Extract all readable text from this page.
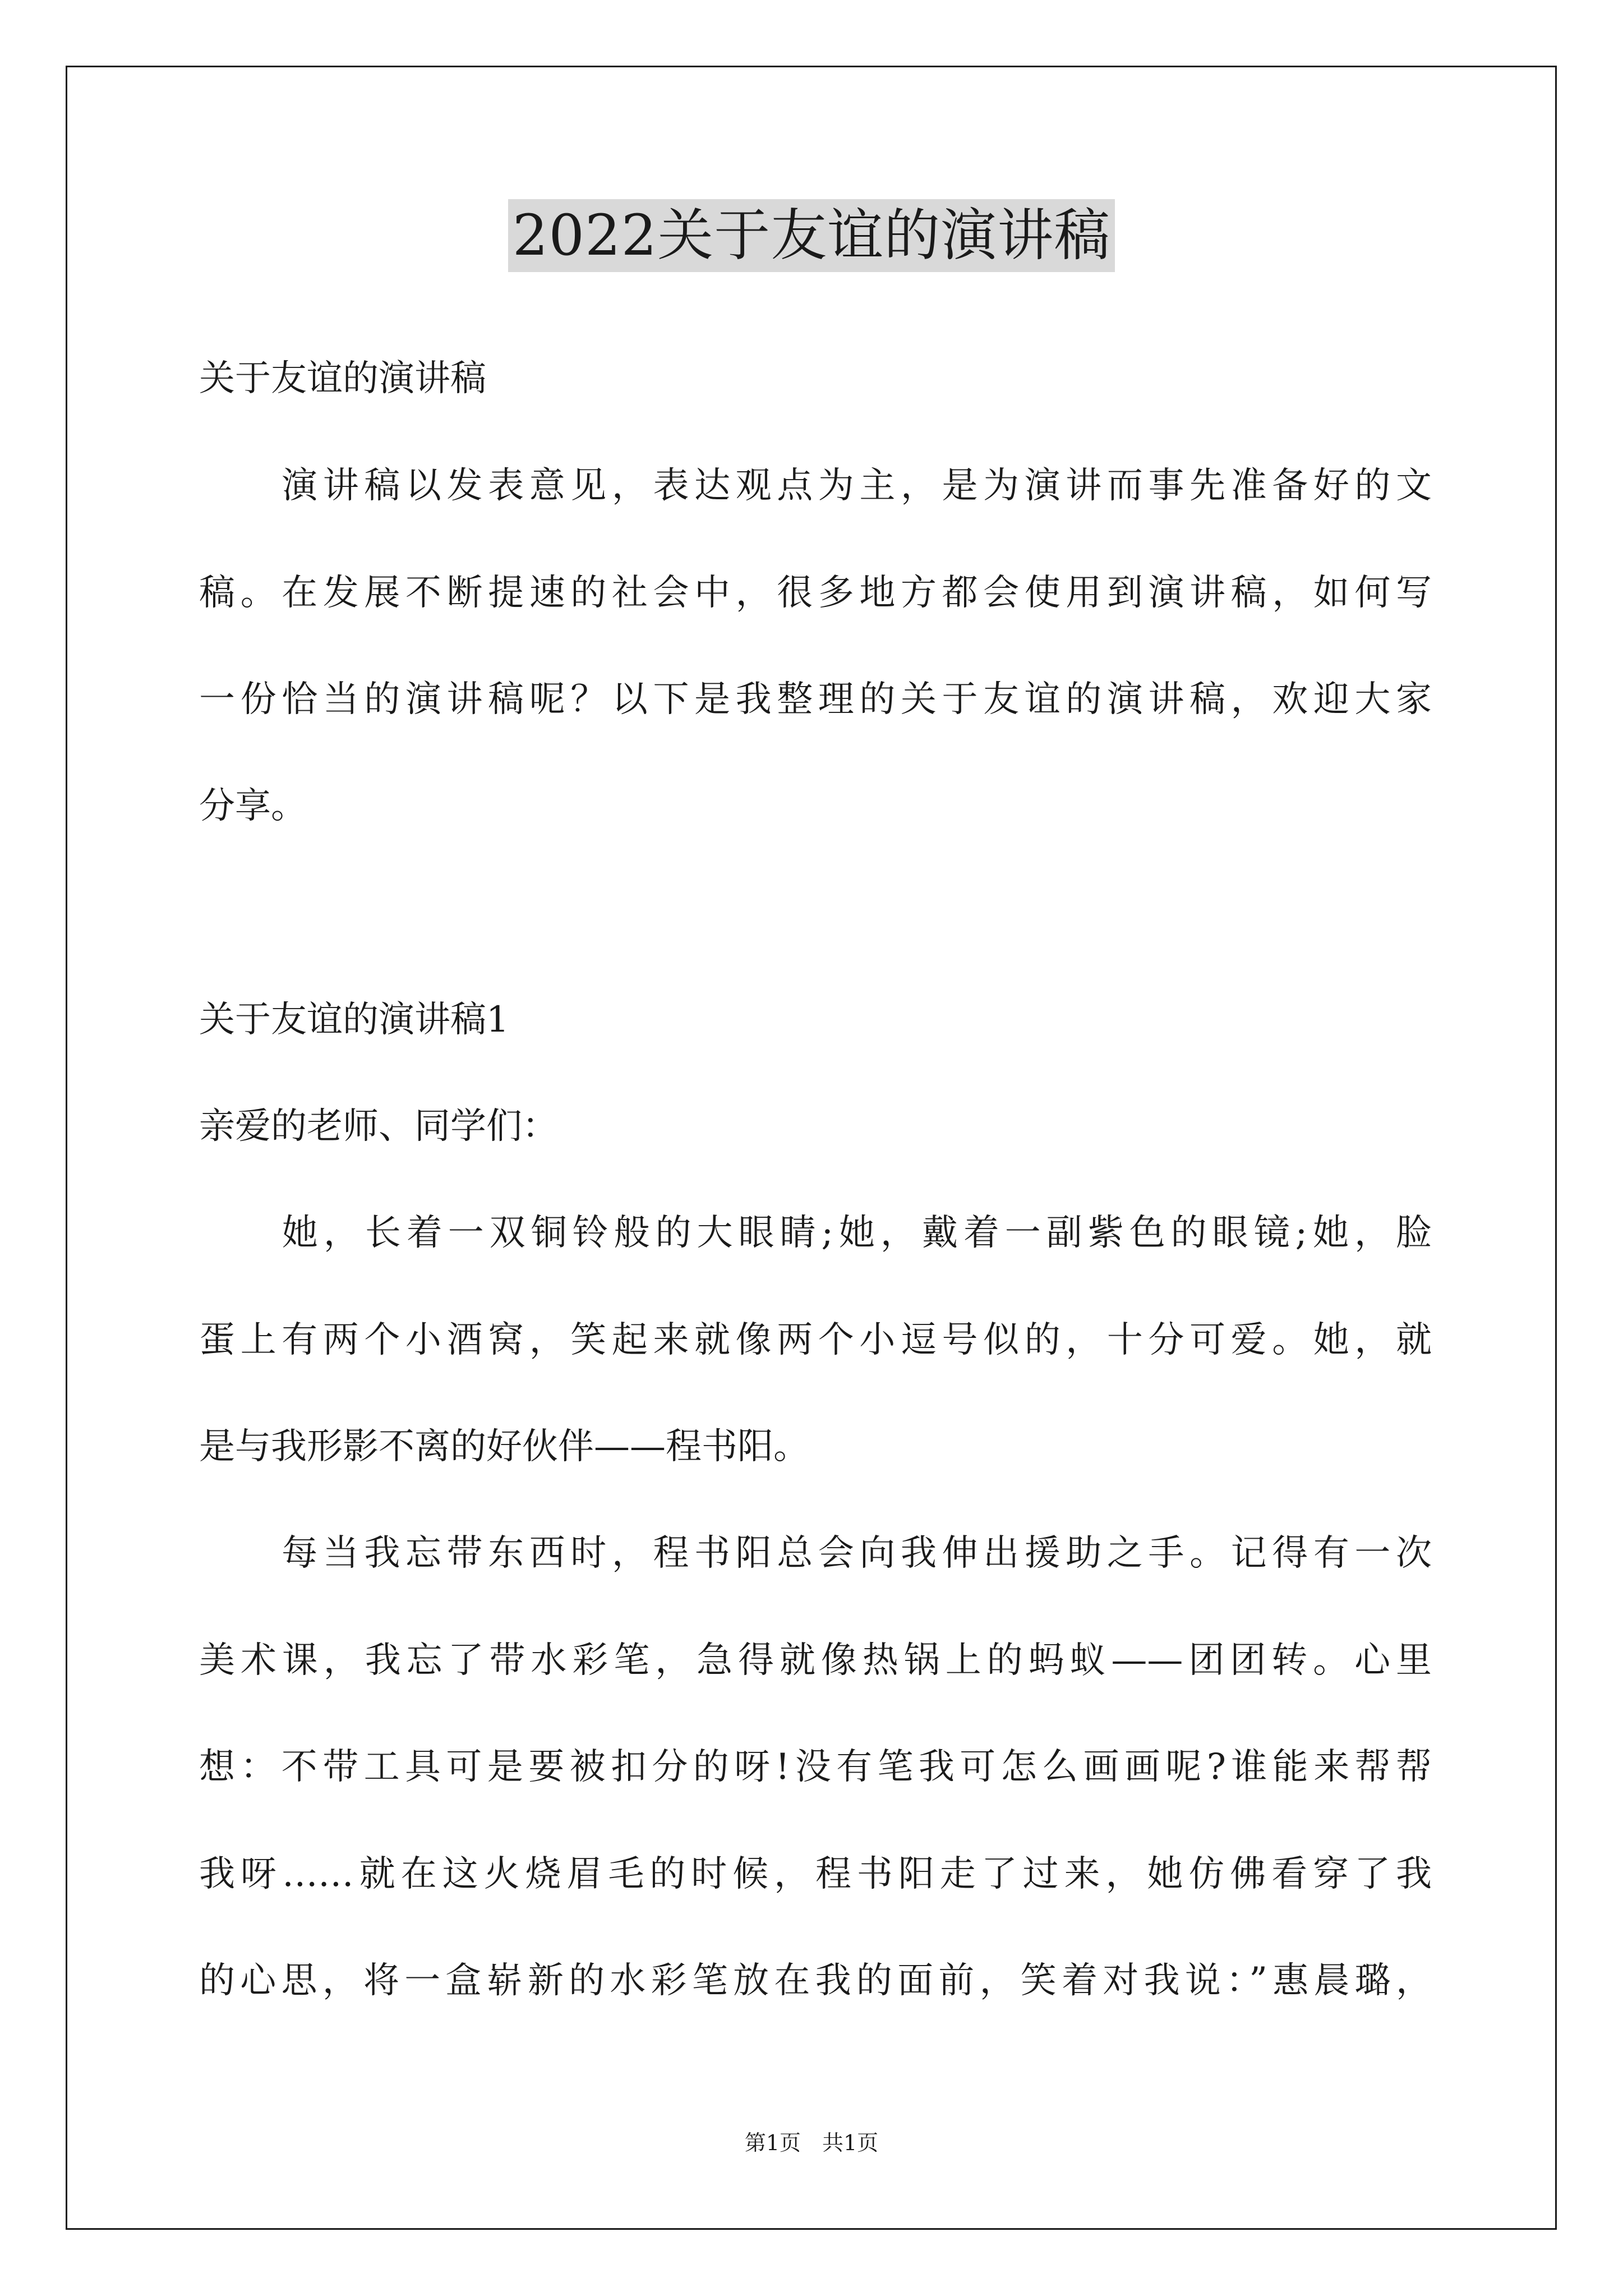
2022关于友谊的演讲稿
关于友谊的演讲稿
　　演讲稿以发表意见，表达观点为主，是为演讲而事先准备好的文
稿。在发展不断提速的社会中，很多地方都会使用到演讲稿，如何写
一份恰当的演讲稿呢？以下是我整理的关于友谊的演讲稿，欢迎大家
分享。
关于友谊的演讲稿1
亲爱的老师、同学们：
　　她，长着一双铜铃般的大眼睛;她，戴着一副紫色的眼镜;她，脸
蛋上有两个小酒窝，笑起来就像两个小逗号似的，十分可爱。她，就
是与我形影不离的好伙伴——程书阳。
　　每当我忘带东西时，程书阳总会向我伸出援助之手。记得有一次
美术课，我忘了带水彩笔，急得就像热锅上的蚂蚁——团团转。心里
想：不带工具可是要被扣分的呀!没有笔我可怎么画画呢?谁能来帮帮
我呀……就在这火烧眉毛的时候，程书阳走了过来，她仿佛看穿了我
的心思，将一盒崭新的水彩笔放在我的面前，笑着对我说：”惠晨璐，
第1页　共1页
